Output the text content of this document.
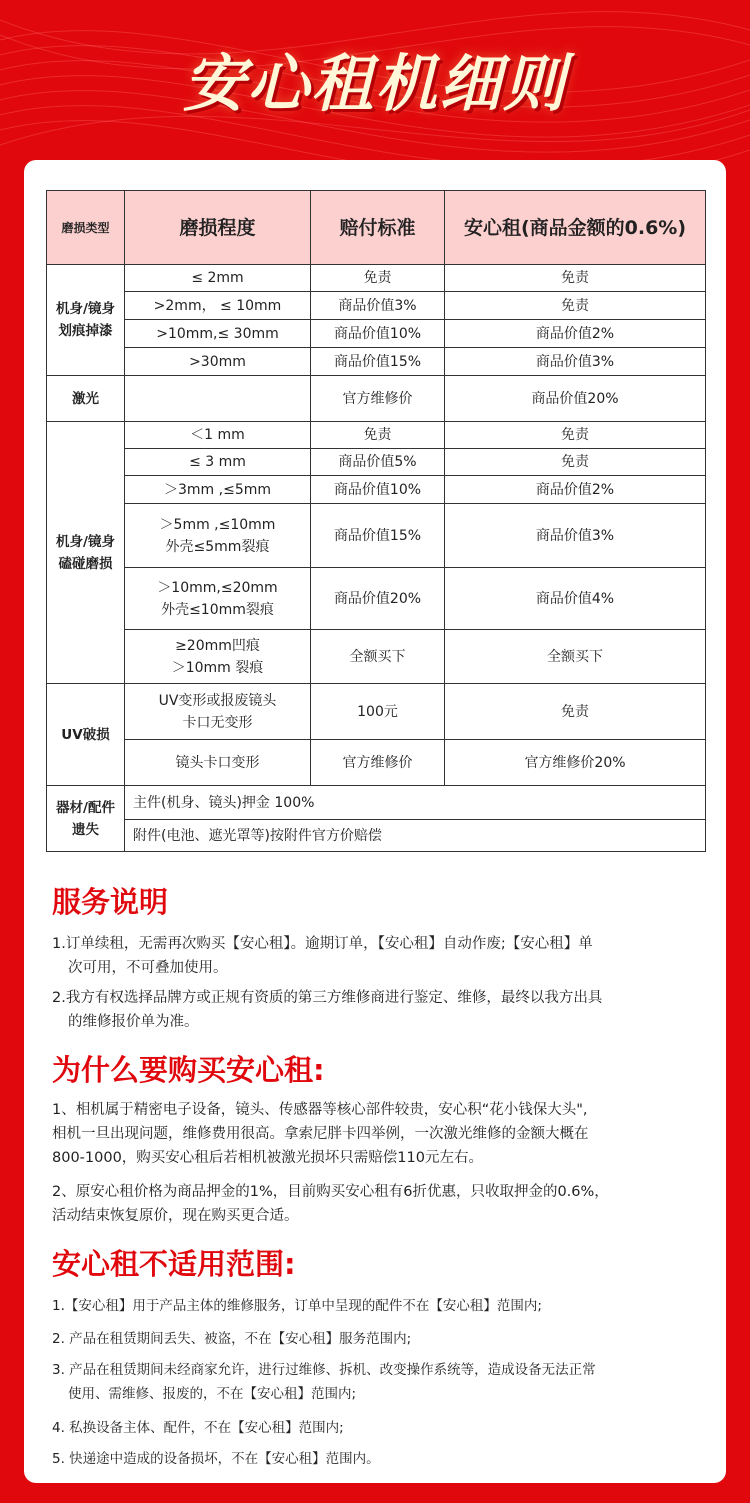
安心租机细则
磨损类型	磨损程度	赔付标准	安心租(商品金额的0.6%)

机身/镜身
划痕掉漆	≤ 2mm	免责	免责
	>2mm， ≤ 10mm	商品价值3%	免责
	>10mm,≤ 30mm	商品价值10%	商品价值2%
	>30mm	商品价值15%	商品价值3%
激光		官方维修价	商品价值20%

机身/镜身
磕碰磨损	＜1 mm	免责	免责
	≤ 3 mm	商品价值5%	免责
	＞3mm ,≤5mm	商品价值10%	商品价值2%

	＞5mm ,≤10mm
外壳≤5mm裂痕	商品价值15%	商品价值3%

	＞10mm,≤20mm
外壳≤10mm裂痕	商品价值20%	商品价值4%

	≥20mm凹痕
＞10mm 裂痕	全额买下	全额买下
UV破损	UV变形或报废镜头
卡口无变形	100元	免责
	镜头卡口变形	官方维修价	官方维修价20%

器材/配件
遗失	主件(机身、镜头)押金 100%		
	附件(电池、遮光罩等)按附件官方价赔偿		
服务说明
1.订单续租，无需再次购买【安心租】。逾期订单，【安心租】自动作废;【安心租】单
次可用，不可叠加使用。
2.我方有权选择品牌方或正规有资质的第三方维修商进行鉴定、维修，最终以我方出具
的维修报价单为准。
为什么要购买安心租:
1、相机属于精密电子设备，镜头、传感器等核心部件较贵，安心积“花小钱保大头",
相机一旦出现问题，维修费用很高。拿索尼胖卡四举例，一次激光维修的金额大概在
800-1000，购买安心租后若相机被激光损坏只需赔偿110元左右。
2、原安心租价格为商品押金的1%，目前购买安心租有6折优惠，只收取押金的0.6%，
活动结束恢复原价，现在购买更合适。
安心租不适用范围:
1.【安心租】用于产品主体的维修服务，订单中呈现的配件不在【安心租】范围内;
2. 产品在租赁期间丢失、被盗，不在【安心租】服务范围内;
3. 产品在租赁期间未经商家允许，进行过维修、拆机、改变操作系统等，造成设备无法正常
使用、需维修、报废的，不在【安心租】范围内;
4. 私换设备主体、配件，不在【安心租】范围内;
5. 快递途中造成的设备损坏，不在【安心租】范围内。
